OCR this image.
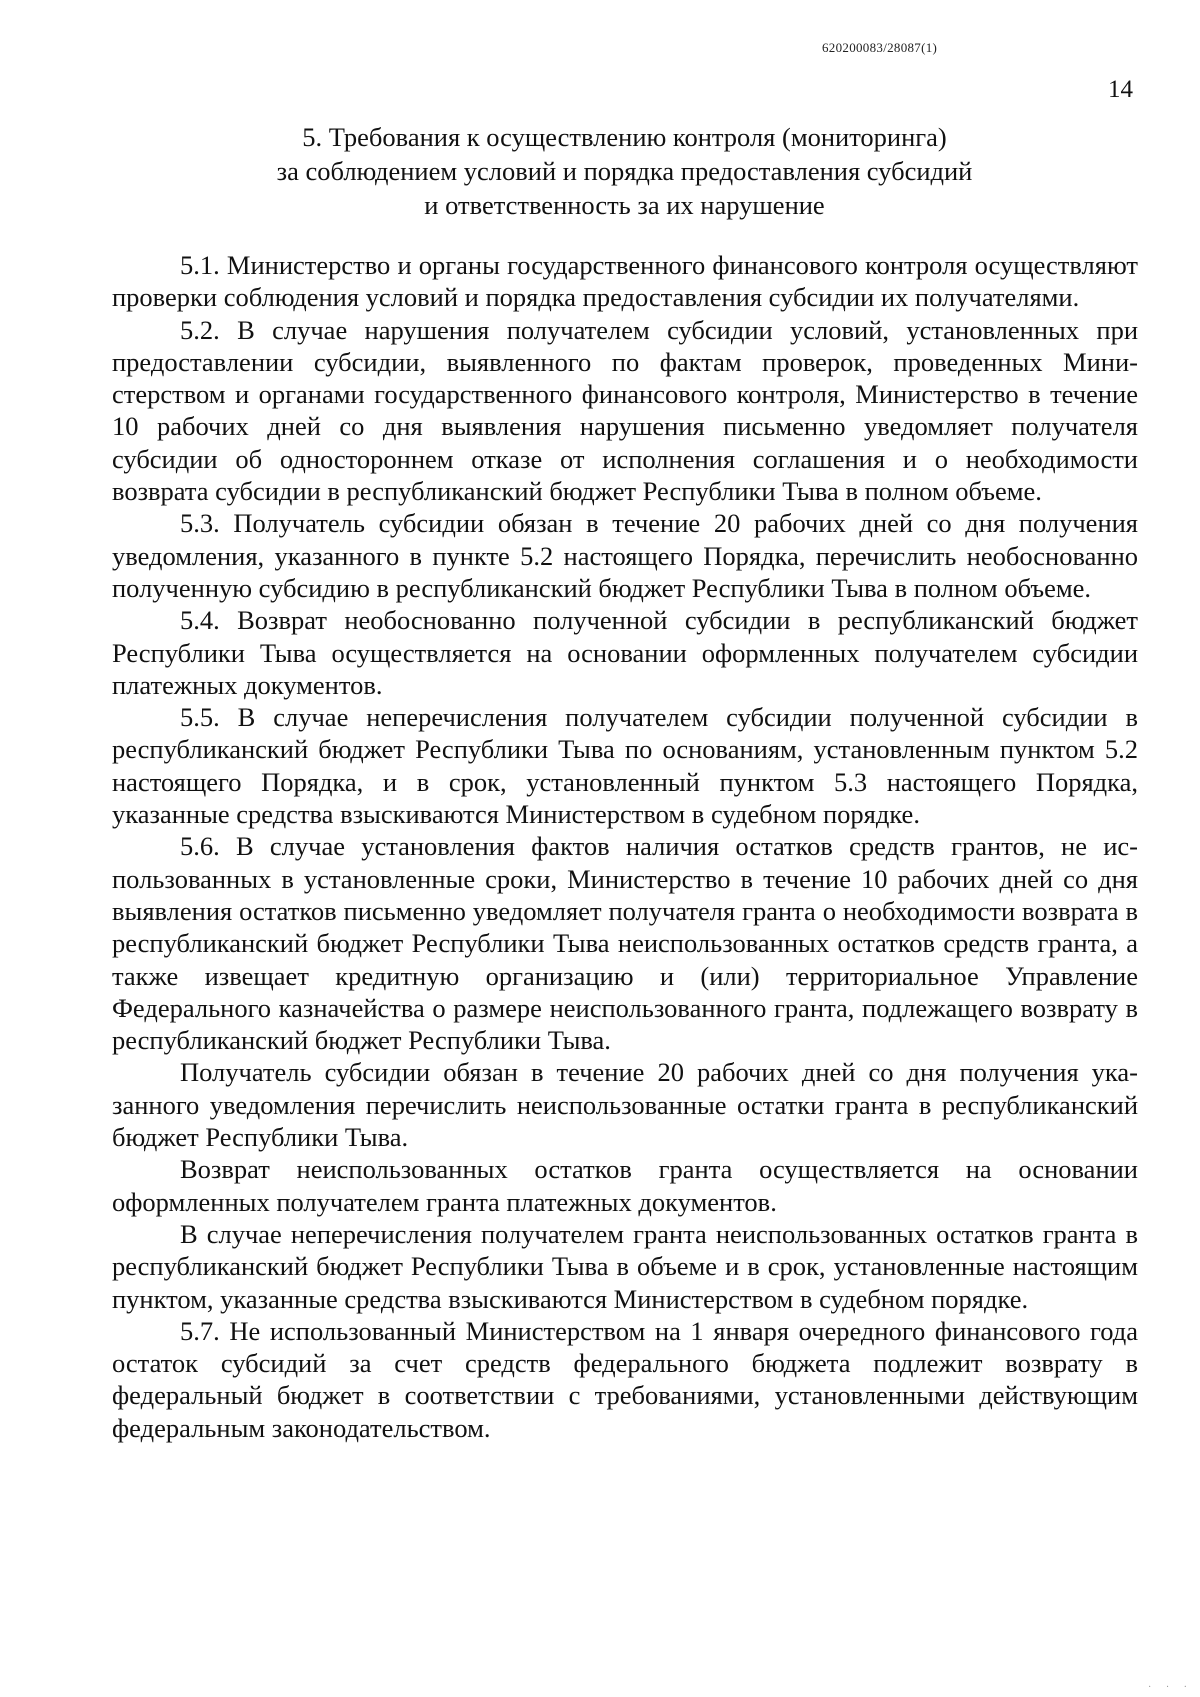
620200083/28087(1)
14
5. Требования к осуществлению контроля (мониторинга)
за соблюдением условий и порядка предоставления субсидий
и ответственность за их нарушение

5.1. Министерство и органы государственного финансового контроля осуществляют проверки соблюдения условий и порядка предоставления субсидии их получателями.

5.2. В случае нарушения получателем субсидии условий, установленных при предоставлении субсидии, выявленного по фактам проверок, проведенных Министерством и органами государственного финансового контроля, Министерство в течение 10 рабочих дней со дня выявления нарушения письменно уведомляет получателя субсидии об одностороннем отказе от исполнения соглашения и о необходимости возврата субсидии в республиканский бюджет Республики Тыва в полном объеме.

5.3. Получатель субсидии обязан в течение 20 рабочих дней со дня получения уведомления, указанного в пункте 5.2 настоящего Порядка, перечислить необоснованно полученную субсидию в республиканский бюджет Республики Тыва в полном объеме.

5.4. Возврат необоснованно полученной субсидии в республиканский бюджет Республики Тыва осуществляется на основании оформленных получателем субсидии платежных документов.

5.5. В случае неперечисления получателем субсидии полученной субсидии в республиканский бюджет Республики Тыва по основаниям, установленным пунктом 5.2 настоящего Порядка, и в срок, установленный пунктом 5.3 настоящего Порядка, указанные средства взыскиваются Министерством в судебном порядке.

5.6. В случае установления фактов наличия остатков средств грантов, не использованных в установленные сроки, Министерство в течение 10 рабочих дней со дня выявления остатков письменно уведомляет получателя гранта о необходимости возврата в республиканский бюджет Республики Тыва неиспользованных остатков средств гранта, а также извещает кредитную организацию и (или) территориальное Управление Федерального казначейства о размере неиспользованного гранта, подлежащего возврату в республиканский бюджет Республики Тыва.

Получатель субсидии обязан в течение 20 рабочих дней со дня получения указанного уведомления перечислить неиспользованные остатки гранта в республиканский бюджет Республики Тыва.

Возврат неиспользованных остатков гранта осуществляется на основании оформленных получателем гранта платежных документов.

В случае неперечисления получателем гранта неиспользованных остатков гранта в республиканский бюджет Республики Тыва в объеме и в срок, установленные настоящим пунктом, указанные средства взыскиваются Министерством в судебном порядке.

5.7. Не использованный Министерством на 1 января очередного финансового года остаток субсидий за счет средств федерального бюджета подлежит возврату в федеральный бюджет в соответствии с требованиями, установленными действующим федеральным законодательством.

· · ·
